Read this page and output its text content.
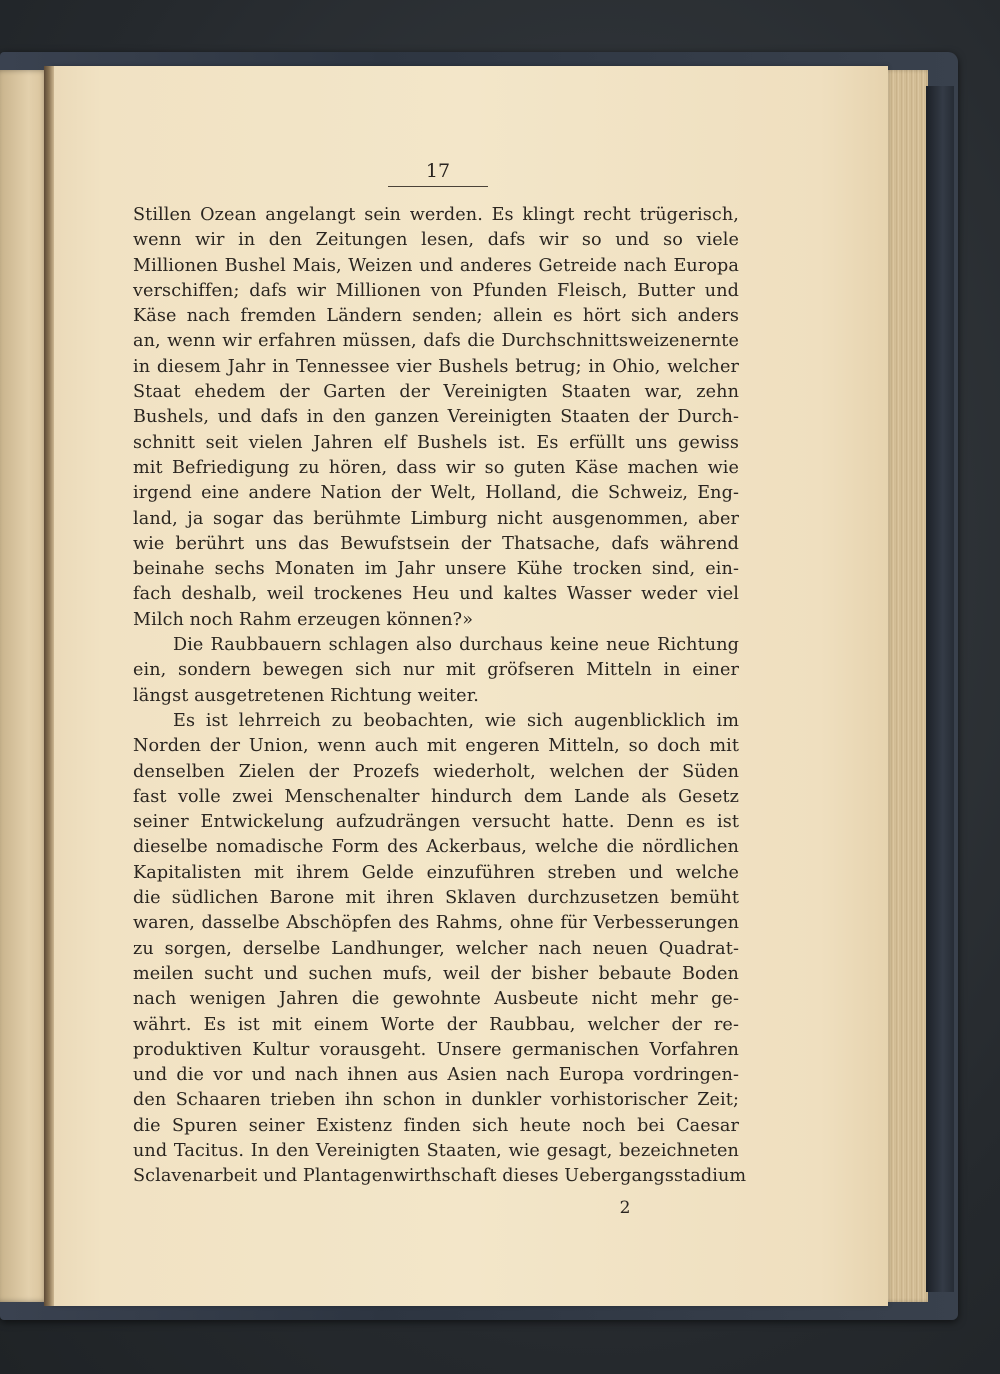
17
Stillen Ozean angelangt sein werden. Es klingt recht trügerisch,
wenn wir in den Zeitungen lesen, dafs wir so und so viele
Millionen Bushel Mais, Weizen und anderes Getreide nach Europa
verschiffen; dafs wir Millionen von Pfunden Fleisch, Butter und
Käse nach fremden Ländern senden; allein es hört sich anders
an, wenn wir erfahren müssen, dafs die Durchschnittsweizenernte
in diesem Jahr in Tennessee vier Bushels betrug; in Ohio, welcher
Staat ehedem der Garten der Vereinigten Staaten war, zehn
Bushels, und dafs in den ganzen Vereinigten Staaten der Durch-
schnitt seit vielen Jahren elf Bushels ist. Es erfüllt uns gewiss
mit Befriedigung zu hören, dass wir so guten Käse machen wie
irgend eine andere Nation der Welt, Holland, die Schweiz, Eng-
land, ja sogar das berühmte Limburg nicht ausgenommen, aber
wie berührt uns das Bewufstsein der Thatsache, dafs während
beinahe sechs Monaten im Jahr unsere Kühe trocken sind, ein-
fach deshalb, weil trockenes Heu und kaltes Wasser weder viel
Milch noch Rahm erzeugen können?»
Die Raubbauern schlagen also durchaus keine neue Richtung
ein, sondern bewegen sich nur mit gröfseren Mitteln in einer
längst ausgetretenen Richtung weiter.
Es ist lehrreich zu beobachten, wie sich augenblicklich im
Norden der Union, wenn auch mit engeren Mitteln, so doch mit
denselben Zielen der Prozefs wiederholt, welchen der Süden
fast volle zwei Menschenalter hindurch dem Lande als Gesetz
seiner Entwickelung aufzudrängen versucht hatte. Denn es ist
dieselbe nomadische Form des Ackerbaus, welche die nördlichen
Kapitalisten mit ihrem Gelde einzuführen streben und welche
die südlichen Barone mit ihren Sklaven durchzusetzen bemüht
waren, dasselbe Abschöpfen des Rahms, ohne für Verbesserungen
zu sorgen, derselbe Landhunger, welcher nach neuen Quadrat-
meilen sucht und suchen mufs, weil der bisher bebaute Boden
nach wenigen Jahren die gewohnte Ausbeute nicht mehr ge-
währt. Es ist mit einem Worte der Raubbau, welcher der re-
produktiven Kultur vorausgeht. Unsere germanischen Vorfahren
und die vor und nach ihnen aus Asien nach Europa vordringen-
den Schaaren trieben ihn schon in dunkler vorhistorischer Zeit;
die Spuren seiner Existenz finden sich heute noch bei Caesar
und Tacitus. In den Vereinigten Staaten, wie gesagt, bezeichneten
Sclavenarbeit und Plantagenwirthschaft dieses Uebergangsstadium
2
